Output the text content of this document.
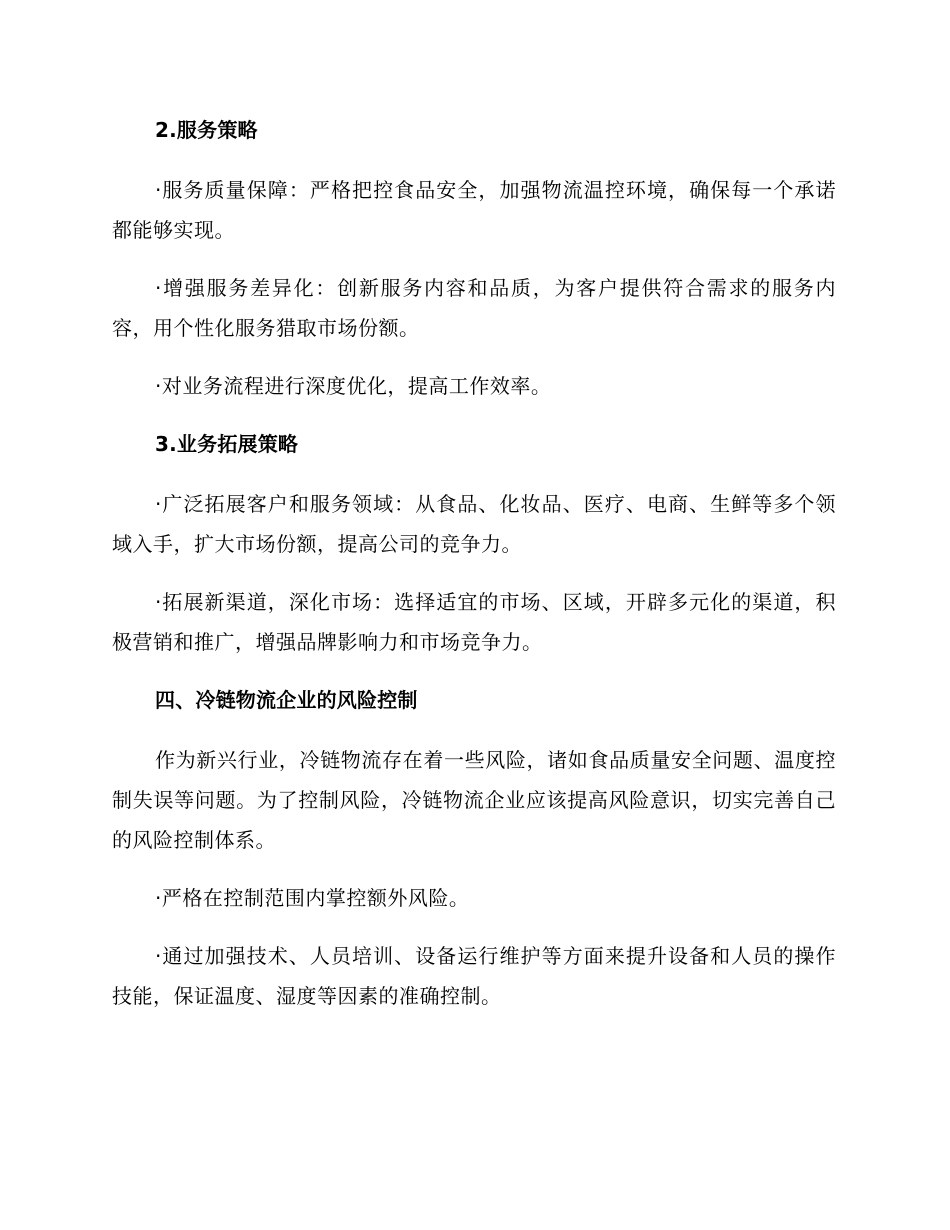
2.服务策略
·服务质量保障：严格把控食品安全，加强物流温控环境，确保每一个承诺都能够实现。
·增强服务差异化：创新服务内容和品质，为客户提供符合需求的服务内容，用个性化服务猎取市场份额。
·对业务流程进行深度优化，提高工作效率。
3.业务拓展策略
·广泛拓展客户和服务领域：从食品、化妆品、医疗、电商、生鲜等多个领域入手，扩大市场份额，提高公司的竞争力。
·拓展新渠道，深化市场：选择适宜的市场、区域，开辟多元化的渠道，积极营销和推广，增强品牌影响力和市场竞争力。
四、冷链物流企业的风险控制
作为新兴行业，冷链物流存在着一些风险，诸如食品质量安全问题、温度控制失误等问题。为了控制风险，冷链物流企业应该提高风险意识，切实完善自己的风险控制体系。
·严格在控制范围内掌控额外风险。
·通过加强技术、人员培训、设备运行维护等方面来提升设备和人员的操作技能，保证温度、湿度等因素的准确控制。
